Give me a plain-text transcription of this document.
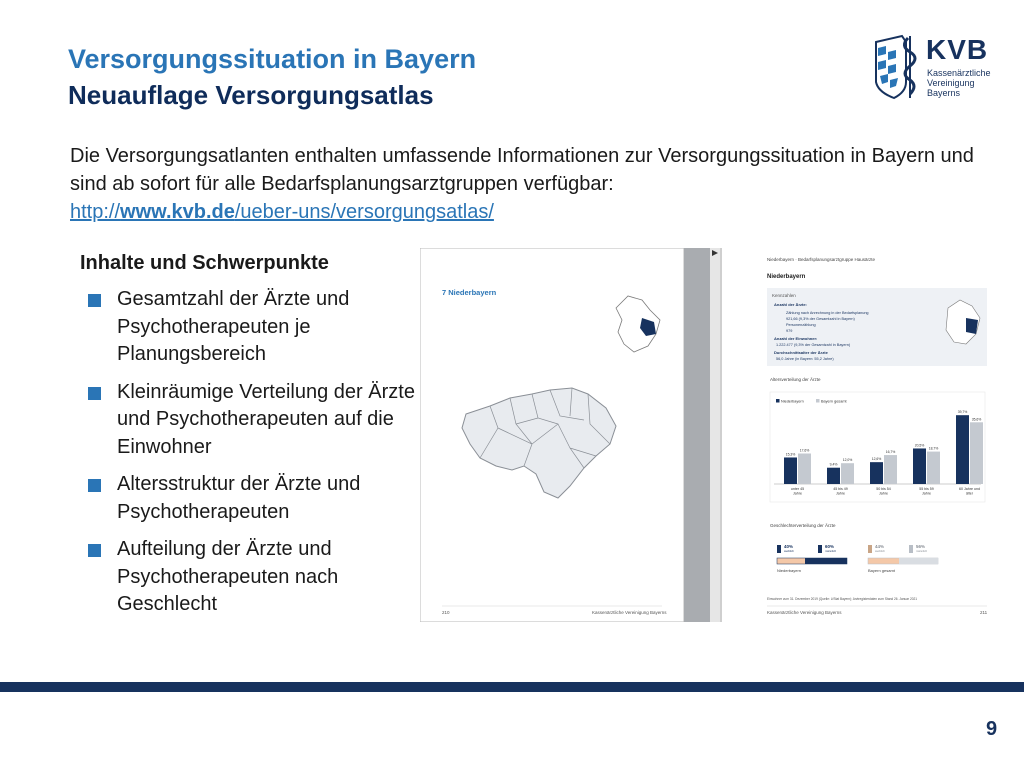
Versorgungssituation in Bayern
Neuauflage Versorgungsatlas
KVB
Kassenärztliche
Vereinigung
Bayerns
Die Versorgungsatlanten enthalten umfassende Informationen zur Versorgungssituation in Bayern und sind ab sofort für alle Bedarfsplanungsarztgruppen verfügbar:
http://www.kvb.de/ueber-uns/versorgungsatlas/
Inhalte und Schwerpunkte
Gesamtzahl der Ärzte und Psychotherapeuten je Planungsbereich
Kleinräumige Verteilung der Ärzte und Psychotherapeuten auf die Einwohner
Altersstruktur der Ärzte und Psychotherapeuten
Aufteilung der Ärzte und Psychotherapeuten nach Geschlecht
7 Niederbayern
210	Kassenärztliche Vereinigung Bayerns
Niederbayern · Bedarfsplanungsarztgruppe Hausärzte
Niederbayern
Kennzahlen
Anzahl der Ärzte:
Zählung nach Anrechnung in der Bedarfsplanung
921,66 (9,3% der Gesamtzahl in Bayern)
Personenzählung
979
Anzahl der Einwohner:
1.222.477 (9,3% der Gesamtzahl in Bayern)
Durchschnittsalter der Ärzte
56,0 Jahre (in Bayern: 55,2 Jahre)
Altersverteilung der Ärzte
Niederbayern	Bayern gesamt
15,3%
17,6%
unter 45
Jahre
9,4%
12,0%
45 bis 49
Jahre
12,6%
16,7%
50 bis 54
Jahre
20,5%
18,7%
55 bis 59
Jahre
39,7%
35,6%
60 Jahre und
älter
Geschlechterverteilung der Ärzte
40%
weiblich
60%
männlich
Niederbayern
44%
weiblich
56%
männlich
Bayern gesamt
Einwohner zum 31. Dezember 2019 (Quelle: LfStat Bayern); Arztregisterdaten zum Stand 26. Januar 2021
Kassenärztliche Vereinigung Bayerns	211
9
